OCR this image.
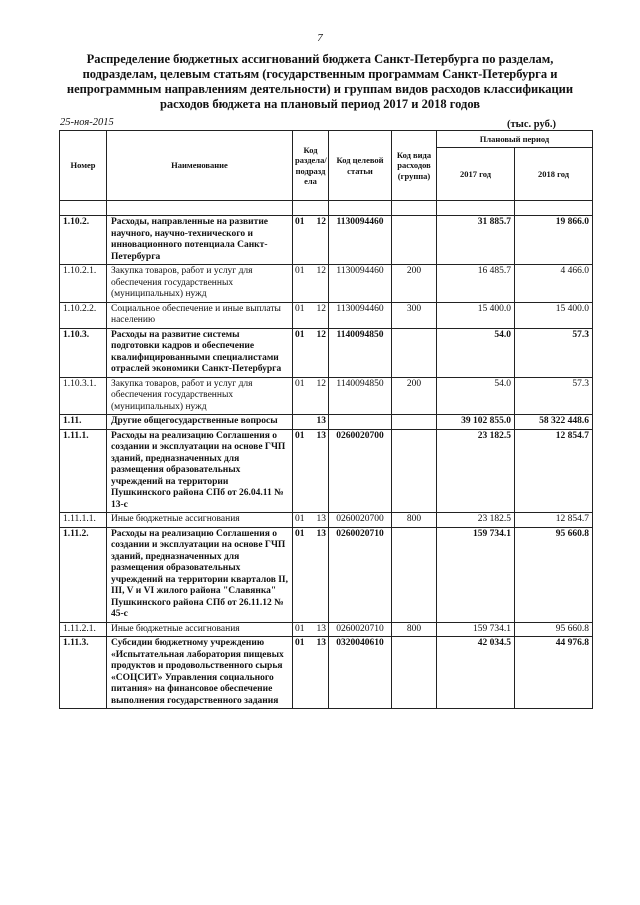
7
Распределение бюджетных ассигнований бюджета Санкт-Петербурга по разделам, подразделам, целевым статьям (государственным программам Санкт-Петербурга и непрограммным направлениям деятельности) и группам видов расходов классификации расходов бюджета на плановый период 2017 и 2018 годов
25-ноя-2015	(тыс. руб.)
Номер	Наименование	Код раздела/ подразд ела	Код целевой статьи	Код вида расходов (группа)	Плановый период	
					2017 год	2018 год

1.10.2.	Расходы, направленные на развитие научного, научно-технического и инновационного потенциала Санкт-Петербурга	01 12	1130094460		31 885.7	19 866.0
1.10.2.1.	Закупка товаров, работ и услуг для обеспечения государственных (муниципальных) нужд	01 12	1130094460	200	16 485.7	4 466.0
1.10.2.2.	Социальное обеспечение и иные выплаты населению	01 12	1130094460	300	15 400.0	15 400.0
1.10.3.	Расходы на развитие системы подготовки кадров и обеспечение квалифицированными специалистами отраслей экономики Санкт-Петербурга	01 12	1140094850		54.0	57.3
1.10.3.1.	Закупка товаров, работ и услуг для обеспечения государственных (муниципальных) нужд	01 12	1140094850	200	54.0	57.3
1.11.	Другие общегосударственные вопросы	13			39 102 855.0	58 322 448.6
1.11.1.	Расходы на реализацию Соглашения о создании и эксплуатации на основе ГЧП зданий, предназначенных для размещения образовательных учреждений на территории Пушкинского района СПб от 26.04.11 № 13-с	01 13	0260020700		23 182.5	12 854.7
1.11.1.1.	Иные бюджетные ассигнования	01 13	0260020700	800	23 182.5	12 854.7
1.11.2.	Расходы на реализацию Соглашения о создании и эксплуатации на основе ГЧП зданий, предназначенных для размещения образовательных учреждений на территории кварталов II, III, V и VI жилого района "Славянка" Пушкинского района СПб от 26.11.12 № 45-с	01 13	0260020710		159 734.1	95 660.8
1.11.2.1.	Иные бюджетные ассигнования	01 13	0260020710	800	159 734.1	95 660.8
1.11.3.	Субсидии бюджетному учреждению «Испытательная лаборатория пищевых продуктов и продовольственного сырья «СОЦСИТ» Управления социального питания» на финансовое обеспечение выполнения государственного задания	01 13	0320040610		42 034.5	44 976.8
